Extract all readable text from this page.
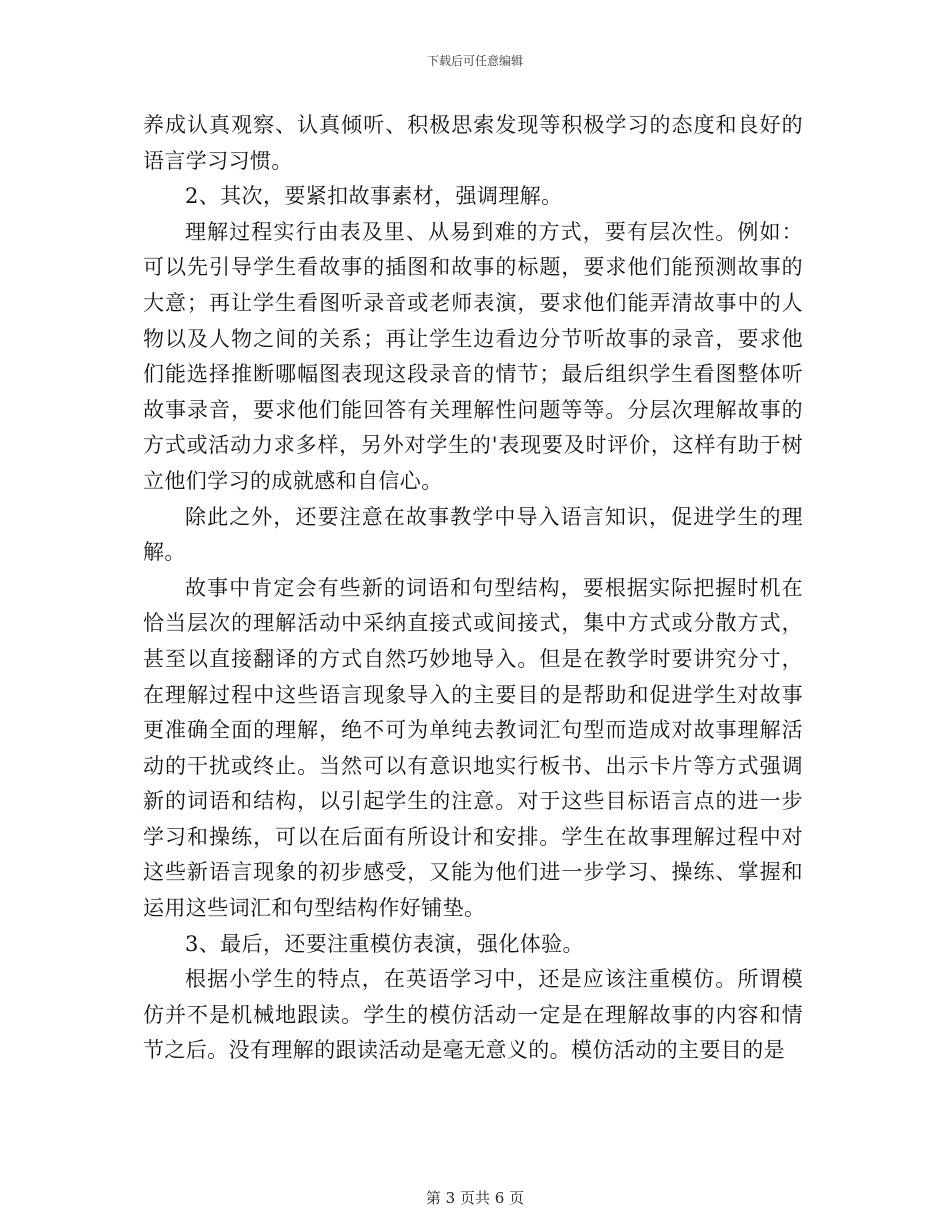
下载后可任意编辑

养成认真观察、认真倾听、积极思索发现等积极学习的态度和良好的语言学习习惯。

2、其次，要紧扣故事素材，强调理解。

理解过程实行由表及里、从易到难的方式，要有层次性。例如：可以先引导学生看故事的插图和故事的标题，要求他们能预测故事的大意；再让学生看图听录音或老师表演，要求他们能弄清故事中的人物以及人物之间的关系；再让学生边看边分节听故事的录音，要求他们能选择推断哪幅图表现这段录音的情节；最后组织学生看图整体听故事录音，要求他们能回答有关理解性问题等等。分层次理解故事的方式或活动力求多样，另外对学生的'表现要及时评价，这样有助于树立他们学习的成就感和自信心。

除此之外，还要注意在故事教学中导入语言知识，促进学生的理解。

故事中肯定会有些新的词语和句型结构，要根据实际把握时机在恰当层次的理解活动中采纳直接式或间接式，集中方式或分散方式，甚至以直接翻译的方式自然巧妙地导入。但是在教学时要讲究分寸，在理解过程中这些语言现象导入的主要目的是帮助和促进学生对故事更准确全面的理解，绝不可为单纯去教词汇句型而造成对故事理解活动的干扰或终止。当然可以有意识地实行板书、出示卡片等方式强调新的词语和结构，以引起学生的注意。对于这些目标语言点的进一步学习和操练，可以在后面有所设计和安排。学生在故事理解过程中对这些新语言现象的初步感受，又能为他们进一步学习、操练、掌握和运用这些词汇和句型结构作好铺垫。

3、最后，还要注重模仿表演，强化体验。

根据小学生的特点，在英语学习中，还是应该注重模仿。所谓模仿并不是机械地跟读。学生的模仿活动一定是在理解故事的内容和情节之后。没有理解的跟读活动是毫无意义的。模仿活动的主要目的是

第 3 页共 6 页
